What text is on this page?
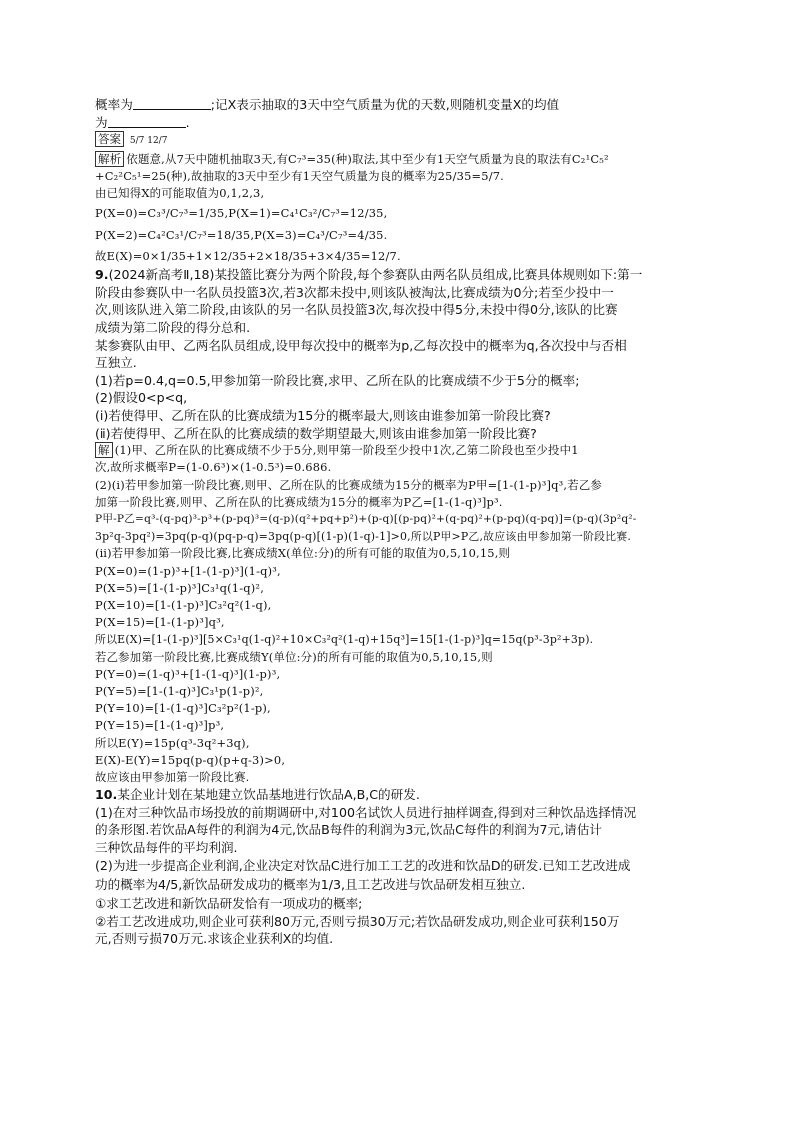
概率为	;记X表示抽取的3天中空气质量为优的天数,则随机变量X的均值
为	.
答案 5/7 12/7
解析 依题意,从7天中随机抽取3天,有C₇³=35(种)取法,其中至少有1天空气质量为良的取法有C₂¹C₅²
+C₂²C₅¹=25(种),故抽取的3天中至少有1天空气质量为良的概率为25/35=5/7.
由已知得X的可能取值为0,1,2,3,
P(X=0)=C₃³/C₇³=1/35,P(X=1)=C₄¹C₃²/C₇³=12/35,
P(X=2)=C₄²C₃¹/C₇³=18/35,P(X=3)=C₄³/C₇³=4/35.
故E(X)=0×1/35+1×12/35+2×18/35+3×4/35=12/7.
9.(2024新高考Ⅱ,18)某投篮比赛分为两个阶段,每个参赛队由两名队员组成,比赛具体规则如下:第一
阶段由参赛队中一名队员投篮3次,若3次都未投中,则该队被淘汰,比赛成绩为0分;若至少投中一
次,则该队进入第二阶段,由该队的另一名队员投篮3次,每次投中得5分,未投中得0分,该队的比赛
成绩为第二阶段的得分总和.
某参赛队由甲、乙两名队员组成,设甲每次投中的概率为p,乙每次投中的概率为q,各次投中与否相
互独立.
(1)若p=0.4,q=0.5,甲参加第一阶段比赛,求甲、乙所在队的比赛成绩不少于5分的概率;
(2)假设0<p<q,
(ⅰ)若使得甲、乙所在队的比赛成绩为15分的概率最大,则该由谁参加第一阶段比赛?
(ⅱ)若使得甲、乙所在队的比赛成绩的数学期望最大,则该由谁参加第一阶段比赛?
解 (1)甲、乙所在队的比赛成绩不少于5分,则甲第一阶段至少投中1次,乙第二阶段也至少投中1
次,故所求概率P=(1-0.6³)×(1-0.5³)=0.686.
(2)(ⅰ)若甲参加第一阶段比赛,则甲、乙所在队的比赛成绩为15分的概率为P甲=[1-(1-p)³]q³,若乙参
加第一阶段比赛,则甲、乙所在队的比赛成绩为15分的概率为P乙=[1-(1-q)³]p³.
P甲-P乙=q³-(q-pq)³-p³+(p-pq)³=(q-p)(q²+pq+p²)+(p-q)[(p-pq)²+(q-pq)²+(p-pq)(q-pq)]=(p-q)(3p²q²-
3p²q-3pq²)=3pq(p-q)(pq-p-q)=3pq(p-q)[(1-p)(1-q)-1]>0,所以P甲>P乙,故应该由甲参加第一阶段比赛.
(ⅱ)若甲参加第一阶段比赛,比赛成绩X(单位:分)的所有可能的取值为0,5,10,15,则
P(X=0)=(1-p)³+[1-(1-p)³](1-q)³,
P(X=5)=[1-(1-p)³]C₃¹q(1-q)²,
P(X=10)=[1-(1-p)³]C₃²q²(1-q),
P(X=15)=[1-(1-p)³]q³,
所以E(X)=[1-(1-p)³][5×C₃¹q(1-q)²+10×C₃²q²(1-q)+15q³]=15[1-(1-p)³]q=15q(p³-3p²+3p).
若乙参加第一阶段比赛,比赛成绩Y(单位:分)的所有可能的取值为0,5,10,15,则
P(Y=0)=(1-q)³+[1-(1-q)³](1-p)³,
P(Y=5)=[1-(1-q)³]C₃¹p(1-p)²,
P(Y=10)=[1-(1-q)³]C₃²p²(1-p),
P(Y=15)=[1-(1-q)³]p³,
所以E(Y)=15p(q³-3q²+3q),
E(X)-E(Y)=15pq(p-q)(p+q-3)>0,
故应该由甲参加第一阶段比赛.
10.某企业计划在某地建立饮品基地进行饮品A,B,C的研发.
(1)在对三种饮品市场投放的前期调研中,对100名试饮人员进行抽样调查,得到对三种饮品选择情况
的条形图.若饮品A每件的利润为4元,饮品B每件的利润为3元,饮品C每件的利润为7元,请估计
三种饮品每件的平均利润.
(2)为进一步提高企业利润,企业决定对饮品C进行加工工艺的改进和饮品D的研发.已知工艺改进成
功的概率为4/5,新饮品研发成功的概率为1/3,且工艺改进与饮品研发相互独立.
①求工艺改进和新饮品研发恰有一项成功的概率;
②若工艺改进成功,则企业可获利80万元,否则亏损30万元;若饮品研发成功,则企业可获利150万
元,否则亏损70万元.求该企业获利X的均值.
